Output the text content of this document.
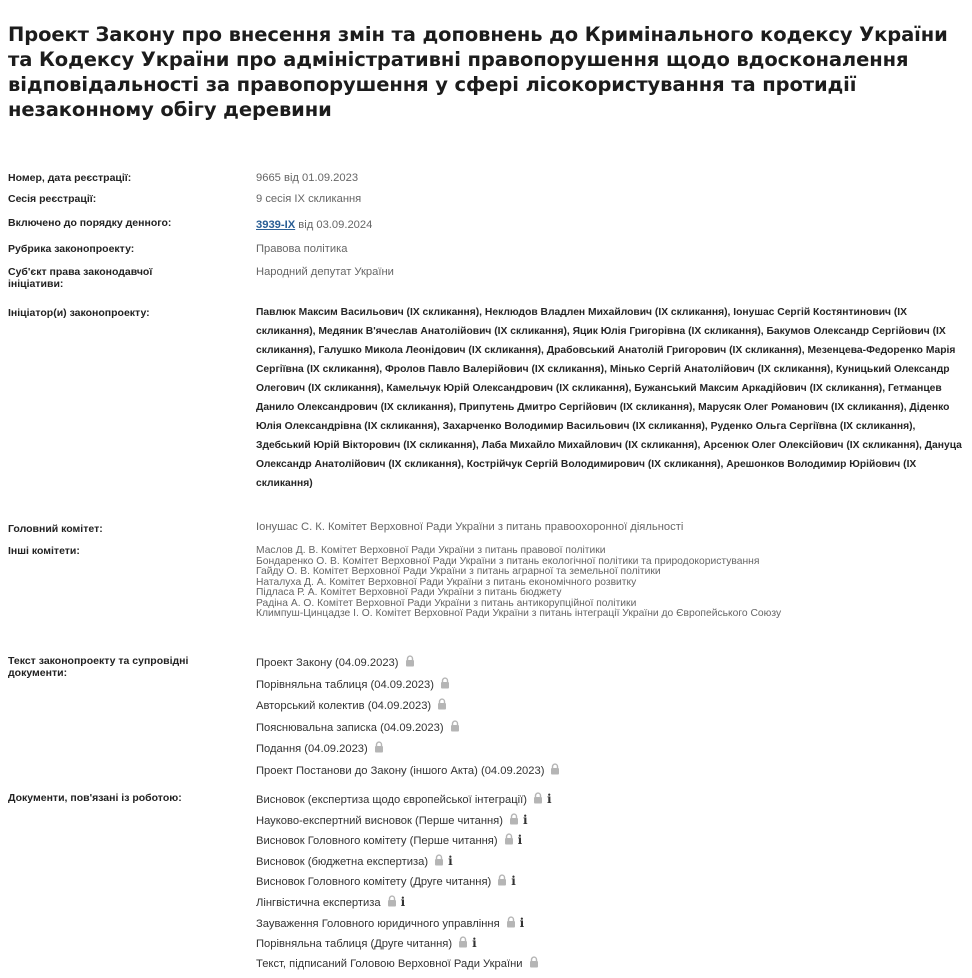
Проект Закону про внесення змін та доповнень до Кримінального кодексу України та Кодексу України про адміністративні правопорушення щодо вдосконалення відповідальності за правопорушення у сфері лісокористування та протидії незаконному обігу деревини
Номер, дата реєстрації:	9665 від 01.09.2023
Сесія реєстрації:	9 сесія IX скликання
Включено до порядку денного:	3939-IX від 03.09.2024
Рубрика законопроекту:	Правова політика
Суб'єкт права законодавчої ініціативи:
Народний депутат України
Ініціатор(и) законопроекту:	Павлюк Максим Васильович (IX скликання), Неклюдов Владлен Михайлович (IX скликання), Іонушас Сергій Костянтинович (IX скликання), Медяник В'ячеслав Анатолійович (IX скликання), Яцик Юлія Григорівна (IX скликання), Бакумов Олександр Сергійович (IX скликання), Галушко Микола Леонідович (IX скликання), Драбовський Анатолій Григорович (IX скликання), Мезенцева-Федоренко Марія Сергіївна (IX скликання), Фролов Павло Валерійович (IX скликання), Мінько Сергій Анатолійович (IX скликання), Куницький Олександр Олегович (IX скликання), Камельчук Юрій Олександрович (IX скликання), Бужанський Максим Аркадійович (IX скликання), Гетманцев Данило Олександрович (IX скликання), Припутень Дмитро Сергійович (IX скликання), Марусяк Олег Романович (IX скликання), Діденко Юлія Олександрівна (IX скликання), Захарченко Володимир Васильович (IX скликання), Руденко Ольга Сергіївна (IX скликання), Здебський Юрій Вікторович (IX скликання), Лаба Михайло Михайлович (IX скликання), Арсенюк Олег Олексійович (IX скликання), Дануца Олександр Анатолійович (IX скликання), Кострійчук Сергій Володимирович (IX скликання), Арешонков Володимир Юрійович (IX скликання)
Головний комітет:	Іонушас С. К. Комітет Верховної Ради України з питань правоохоронної діяльності
Інші комітети:	Маслов Д. В. Комітет Верховної Ради України з питань правової політики
Бондаренко О. В. Комітет Верховної Ради України з питань екологічної політики та природокористування
Гайду О. В. Комітет Верховної Ради України з питань аграрної та земельної політики
Наталуха Д. А. Комітет Верховної Ради України з питань економічного розвитку
Підласа Р. А. Комітет Верховної Ради України з питань бюджету
Радіна А. О. Комітет Верховної Ради України з питань антикорупційної політики
Климпуш-Цинцадзе І. О. Комітет Верховної Ради України з питань інтеграції України до Європейського Союзу
Текст законопроекту та супровідні документи:
Проект Закону (04.09.2023)
Порівняльна таблиця (04.09.2023)
Авторський колектив (04.09.2023)
Пояснювальна записка (04.09.2023)
Подання (04.09.2023)
Проект Постанови до Закону (іншого Акта) (04.09.2023)
Документи, пов'язані із роботою:	Висновок (експертиза щодо європейської інтеграції) i
Науково-експертний висновок (Перше читання) i
Висновок Головного комітету (Перше читання) i
Висновок (бюджетна експертиза) i
Висновок Головного комітету (Друге читання) i
Лінгвістична експертиза i
Зауваження Головного юридичного управління i
Порівняльна таблиця (Друге читання) i
Текст, підписаний Головою Верховної Ради України
